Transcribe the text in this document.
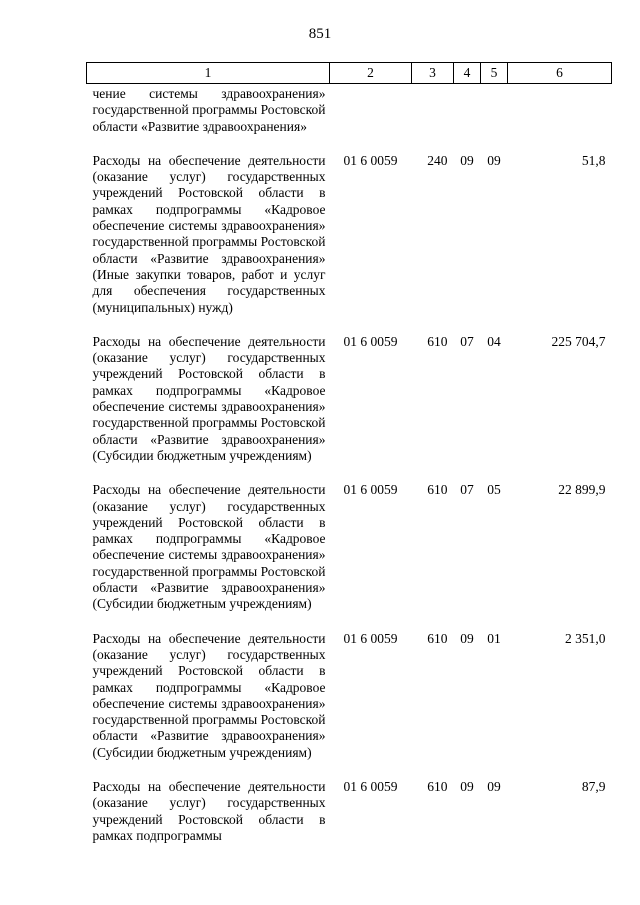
851
1	2	3	4	5	6
чение системы здравоохранения» государственной программы Ростовской области «Развитие здравоохранения»					
Расходы на обеспечение деятельности (оказание услуг) государственных учреждений Ростовской области в рамках подпрограммы «Кадровое обеспечение системы здравоохранения» государственной программы Ростовской области «Развитие здравоохранения» (Иные закупки товаров, работ и услуг для обеспечения государственных (муниципальных) нужд)	01 6 0059	240	09	09	51,8
Расходы на обеспечение деятельности (оказание услуг) государственных учреждений Ростовской области в рамках подпрограммы «Кадровое обеспечение системы здравоохранения» государственной программы Ростовской области «Развитие здравоохранения» (Субсидии бюджетным учреждениям)	01 6 0059	610	07	04	225 704,7
Расходы на обеспечение деятельности (оказание услуг) государственных учреждений Ростовской области в рамках подпрограммы «Кадровое обеспечение системы здравоохранения» государственной программы Ростовской области «Развитие здравоохранения» (Субсидии бюджетным учреждениям)	01 6 0059	610	07	05	22 899,9
Расходы на обеспечение деятельности (оказание услуг) государственных учреждений Ростовской области в рамках подпрограммы «Кадровое обеспечение системы здравоохранения» государственной программы Ростовской области «Развитие здравоохранения» (Субсидии бюджетным учреждениям)	01 6 0059	610	09	01	2 351,0
Расходы на обеспечение деятельности (оказание услуг) государственных учреждений Ростовской области в рамках подпрограммы	01 6 0059	610	09	09	87,9
